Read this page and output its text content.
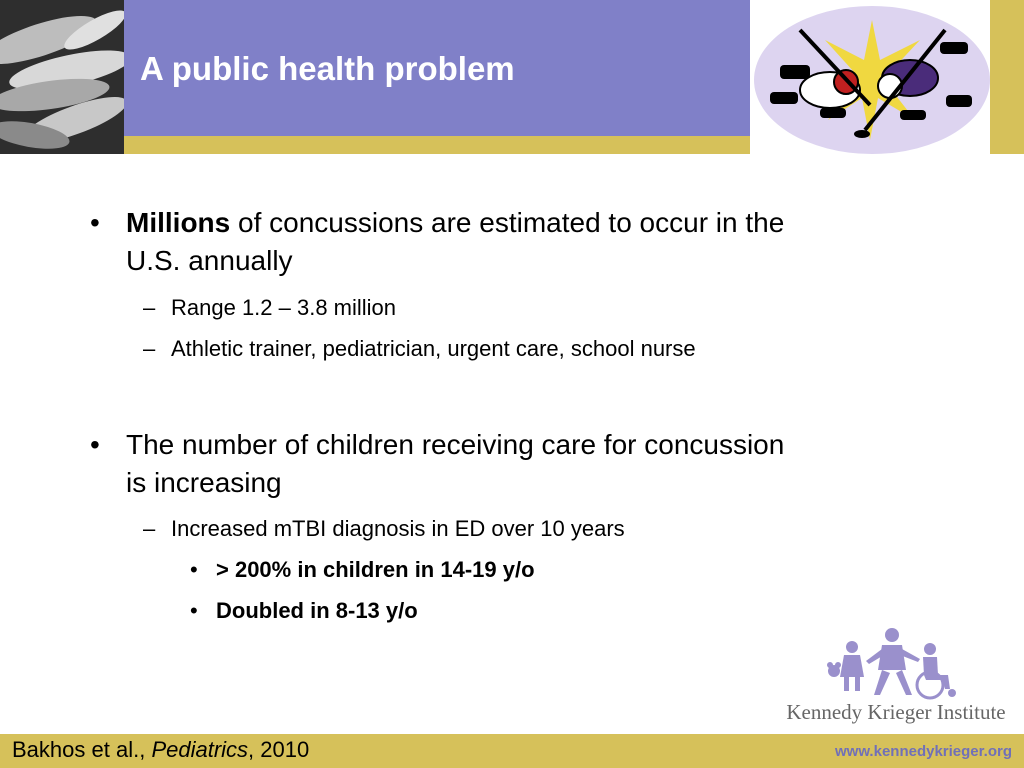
A public health problem
• Millions of concussions are estimated to occur in the
U.S. annually
– Range 1.2 – 3.8 million
– Athletic trainer, pediatrician, urgent care, school nurse
• The number of children receiving care for concussion
is increasing
– Increased mTBI diagnosis in ED over 10 years
• > 200% in children in 14-19 y/o
• Doubled in 8-13 y/o
Kennedy Krieger Institute
Bakhos et al., Pediatrics, 2010	www.kennedykrieger.org
